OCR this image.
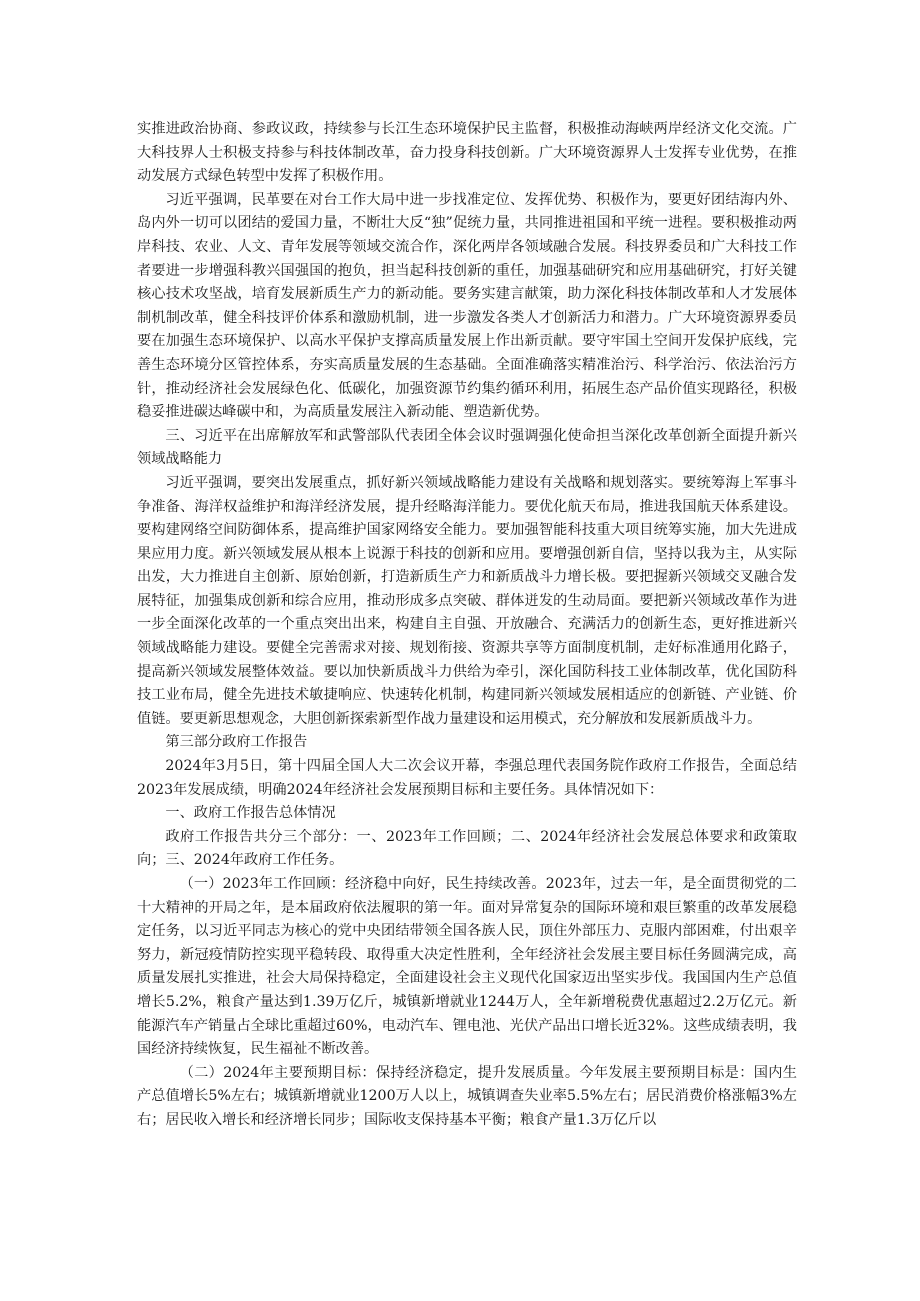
实推进政治协商、参政议政，持续参与长江生态环境保护民主监督，积极推动海峡两岸经济文化交流。广大科技界人士积极支持参与科技体制改革，奋力投身科技创新。广大环境资源界人士发挥专业优势，在推动发展方式绿色转型中发挥了积极作用。

习近平强调，民革要在对台工作大局中进一步找准定位、发挥优势、积极作为，要更好团结海内外、岛内外一切可以团结的爱国力量，不断壮大反“独”促统力量，共同推进祖国和平统一进程。要积极推动两岸科技、农业、人文、青年发展等领域交流合作，深化两岸各领域融合发展。科技界委员和广大科技工作者要进一步增强科教兴国强国的抱负，担当起科技创新的重任，加强基础研究和应用基础研究，打好关键核心技术攻坚战，培育发展新质生产力的新动能。要务实建言献策，助力深化科技体制改革和人才发展体制机制改革，健全科技评价体系和激励机制，进一步激发各类人才创新活力和潜力。广大环境资源界委员要在加强生态环境保护、以高水平保护支撑高质量发展上作出新贡献。要守牢国土空间开发保护底线，完善生态环境分区管控体系，夯实高质量发展的生态基础。全面准确落实精准治污、科学治污、依法治污方针，推动经济社会发展绿色化、低碳化，加强资源节约集约循环利用，拓展生态产品价值实现路径，积极稳妥推进碳达峰碳中和，为高质量发展注入新动能、塑造新优势。

三、习近平在出席解放军和武警部队代表团全体会议时强调强化使命担当深化改革创新全面提升新兴领域战略能力

习近平强调，要突出发展重点，抓好新兴领域战略能力建设有关战略和规划落实。要统筹海上军事斗争准备、海洋权益维护和海洋经济发展，提升经略海洋能力。要优化航天布局，推进我国航天体系建设。要构建网络空间防御体系，提高维护国家网络安全能力。要加强智能科技重大项目统筹实施，加大先进成果应用力度。新兴领域发展从根本上说源于科技的创新和应用。要增强创新自信，坚持以我为主，从实际出发，大力推进自主创新、原始创新，打造新质生产力和新质战斗力增长极。要把握新兴领域交叉融合发展特征，加强集成创新和综合应用，推动形成多点突破、群体迸发的生动局面。要把新兴领域改革作为进一步全面深化改革的一个重点突出出来，构建自主自强、开放融合、充满活力的创新生态，更好推进新兴领域战略能力建设。要健全完善需求对接、规划衔接、资源共享等方面制度机制，走好标准通用化路子，提高新兴领域发展整体效益。要以加快新质战斗力供给为牵引，深化国防科技工业体制改革，优化国防科技工业布局，健全先进技术敏捷响应、快速转化机制，构建同新兴领域发展相适应的创新链、产业链、价值链。要更新思想观念，大胆创新探索新型作战力量建设和运用模式，充分解放和发展新质战斗力。

第三部分政府工作报告

2024年3月5日，第十四届全国人大二次会议开幕，李强总理代表国务院作政府工作报告，全面总结2023年发展成绩，明确2024年经济社会发展预期目标和主要任务。具体情况如下：

一、政府工作报告总体情况

政府工作报告共分三个部分：一、2023年工作回顾；二、2024年经济社会发展总体要求和政策取向；三、2024年政府工作任务。

（一）2023年工作回顾：经济稳中向好，民生持续改善。2023年，过去一年，是全面贯彻党的二十大精神的开局之年，是本届政府依法履职的第一年。面对异常复杂的国际环境和艰巨繁重的改革发展稳定任务，以习近平同志为核心的党中央团结带领全国各族人民，顶住外部压力、克服内部困难，付出艰辛努力，新冠疫情防控实现平稳转段、取得重大决定性胜利，全年经济社会发展主要目标任务圆满完成，高质量发展扎实推进，社会大局保持稳定，全面建设社会主义现代化国家迈出坚实步伐。我国国内生产总值增长5.2%，粮食产量达到1.39万亿斤，城镇新增就业1244万人，全年新增税费优惠超过2.2万亿元。新能源汽车产销量占全球比重超过60%，电动汽车、锂电池、光伏产品出口增长近32%。这些成绩表明，我国经济持续恢复，民生福祉不断改善。

（二）2024年主要预期目标：保持经济稳定，提升发展质量。今年发展主要预期目标是：国内生产总值增长5%左右；城镇新增就业1200万人以上，城镇调查失业率5.5%左右；居民消费价格涨幅3%左右；居民收入增长和经济增长同步；国际收支保持基本平衡；粮食产量1.3万亿斤以
